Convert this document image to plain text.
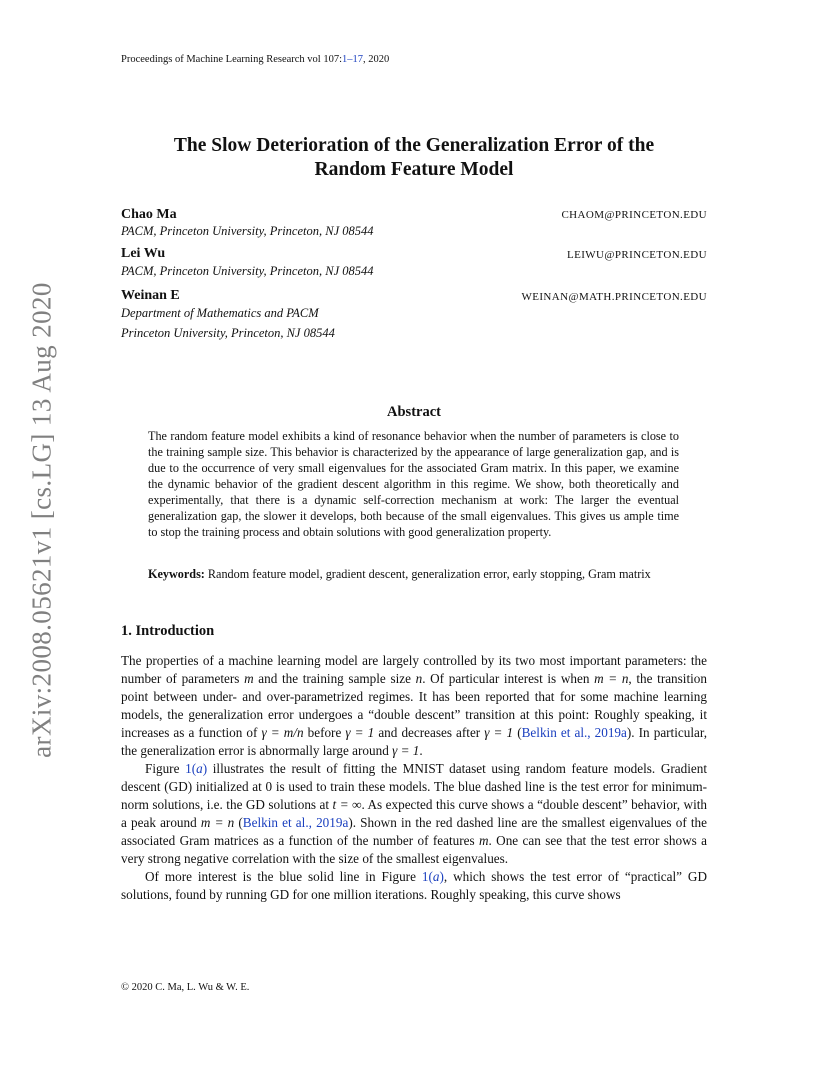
Proceedings of Machine Learning Research vol 107:1–17, 2020
The Slow Deterioration of the Generalization Error of the
Random Feature Model
Chao Ma	CHAOM@PRINCETON.EDU
PACM, Princeton University, Princeton, NJ 08544
Lei Wu	LEIWU@PRINCETON.EDU
PACM, Princeton University, Princeton, NJ 08544
Weinan E	WEINAN@MATH.PRINCETON.EDU
Department of Mathematics and PACM
Princeton University, Princeton, NJ 08544
arXiv:2008.05621v1 [cs.LG] 13 Aug 2020	Abstract
The random feature model exhibits a kind of resonance behavior when the number of parameters is close to the training sample size. This behavior is characterized by the appearance of large generalization gap, and is due to the occurrence of very small eigenvalues for the associated Gram matrix. In this paper, we examine the dynamic behavior of the gradient descent algorithm in this regime. We show, both theoretically and experimentally, that there is a dynamic self-correction mechanism at work: The larger the eventual generalization gap, the slower it develops, both because of the small eigenvalues. This gives us ample time to stop the training process and obtain solutions with good generalization property.
Keywords: Random feature model, gradient descent, generalization error, early stopping, Gram matrix
1. Introduction

The properties of a machine learning model are largely controlled by its two most important parameters: the number of parameters m and the training sample size n. Of particular interest is when m = n, the transition point between under- and over-parametrized regimes. It has been reported that for some machine learning models, the generalization error undergoes a “double descent” transition at this point: Roughly speaking, it increases as a function of γ = m/n before γ = 1 and decreases after γ = 1 (Belkin et al., 2019a). In particular, the generalization error is abnormally large around γ = 1.

Figure 1(a) illustrates the result of fitting the MNIST dataset using random feature models. Gradient descent (GD) initialized at 0 is used to train these models. The blue dashed line is the test error for minimum-norm solutions, i.e. the GD solutions at t = ∞. As expected this curve shows a “double descent” behavior, with a peak around m = n (Belkin et al., 2019a). Shown in the red dashed line are the smallest eigenvalues of the associated Gram matrices as a function of the number of features m. One can see that the test error shows a very strong negative correlation with the size of the smallest eigenvalues.

Of more interest is the blue solid line in Figure 1(a), which shows the test error of “practical” GD solutions, found by running GD for one million iterations. Roughly speaking, this curve shows

© 2020 C. Ma, L. Wu & W. E.
